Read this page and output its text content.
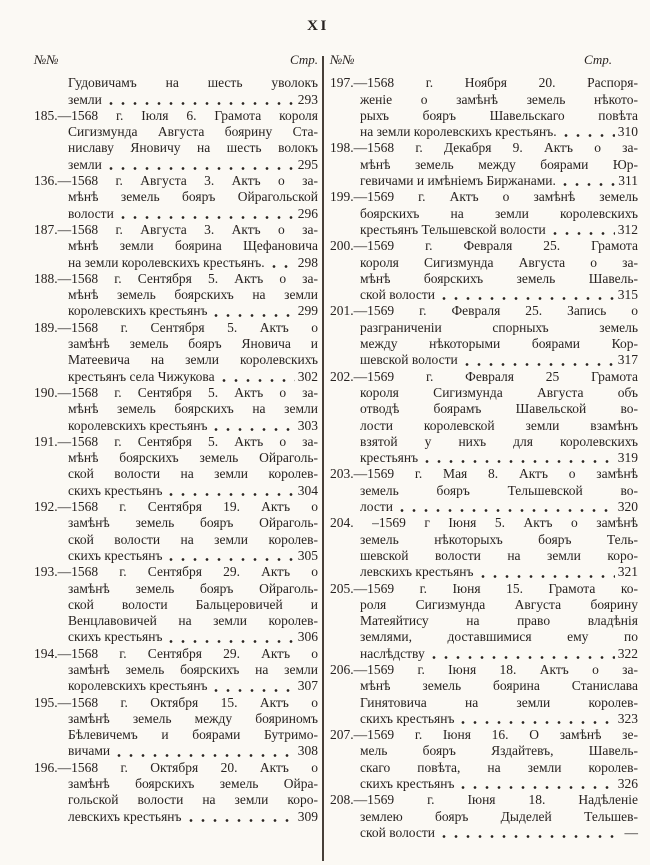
XI
№№	Стр.
Гудовичамъ на шесть уволокъ
земли	293
185.—1568 г. Іюля 6. Грамота короля
Сигизмунда Августа боярину Ста-
ниславу Яновичу на шесть волокъ
земли	295
136.—1568 г. Августа 3. Актъ о за-
мѣнѣ земель бояръ Ойрагольской
волости	296
187.—1568 г. Августа 3. Актъ о за-
мѣнѣ земли боярина Щефановича
на земли королевскихъ крестьянъ. 298
188.—1568 г. Сентября 5. Актъ о за-
мѣнѣ земель боярскихъ на земли
королевскихъ крестьянъ	299
189.—1568 г. Сентября 5. Актъ о
замѣнѣ земель бояръ Яновича и
Матеевича на земли королевскихъ
крестьянъ села Чижукова	302
190.—1568 г. Сентября 5. Актъ о за-
мѣнѣ земель боярскихъ на земли
королевскихъ крестьянъ	303
191.—1568 г. Сентября 5. Актъ о за-
мѣнѣ боярскихъ земель Ойраголь-
ской волости на земли королев-
скихъ крестьянъ	304
192.—1568 г. Сентября 19. Актъ о
замѣнѣ земель бояръ Ойраголь-
ской волости на земли королев-
скихъ крестьянъ	305
193.—1568 г. Сентября 29. Актъ о
замѣнѣ земель бояръ Ойраголь-
ской волости Бальцеровичей и
Венцлавовичей на земли королев-
скихъ крестьянъ	306
194.—1568 г. Сентября 29. Актъ о
замѣнѣ земель боярскихъ на земли
королевскихъ крестьянъ	307
195.—1568 г. Октября 15. Актъ о
замѣнѣ земель между бояриномъ
Бѣлевичемъ и боярами Бутримо-
вичами	308
196.—1568 г. Октября 20. Актъ о
замѣнѣ боярскихъ земель Ойра-
гольской волости на земли коро-
левскихъ крестьянъ	309
№№	Стр.
197.—1568 г. Ноября 20. Распоря-
женіе о замѣнѣ земель нѣкото-
рыхъ бояръ Шавельскаго повѣта
на земли королевскихъ крестьянъ.	310
198.—1568 г. Декабря 9. Актъ о за-
мѣнѣ земель между боярами Юр-
гевичами и имѣніемъ Биржанами.	311
199.—1569 г. Актъ о замѣнѣ земель
боярскихъ на земли королевскихъ
крестьянъ Тельшевской волости	312
200.—1569 г. Февраля 25. Грамота
короля Сигизмунда Августа о за-
мѣнѣ боярскихъ земель Шавель-
ской волости	315
201.—1569 г. Февраля 25. Запись о
разграниченіи спорныхъ земель
между нѣкоторыми боярами Кор-
шевской волости	317
202.—1569 г. Февраля 25 Грамота
короля Сигизмунда Августа объ
отводѣ боярамъ Шавельской во-
лости королевской земли взамѣнъ
взятой у нихъ для королевскихъ
крестьянъ	319
203.—1569 г. Мая 8. Актъ о замѣнѣ
земель бояръ Тельшевской во-
лости	320
204. –1569 г Іюня 5. Актъ о замѣнѣ
земель нѣкоторыхъ бояръ Тель-
шевской волости на земли коро-
левскихъ крестьянъ	321
205.—1569 г. Іюня 15. Грамота ко-
роля Сигизмунда Августа боярину
Матеяйтису на право владѣнія
землями, доставшимися ему по
наслѣдству	322
206.—1569 г. Іюня 18. Актъ о за-
мѣнѣ земель боярина Станислава
Гинятовича на земли королев-
скихъ крестьянъ	323
207.—1569 г. Іюня 16. О замѣнѣ зе-
мель бояръ Яздайтевъ, Шавель-
скаго повѣта, на земли королев-
скихъ крестьянъ	326
208.—1569 г. Іюня 18. Надѣленіе
землею бояръ Дыделей Тельшев-
ской волости	—
